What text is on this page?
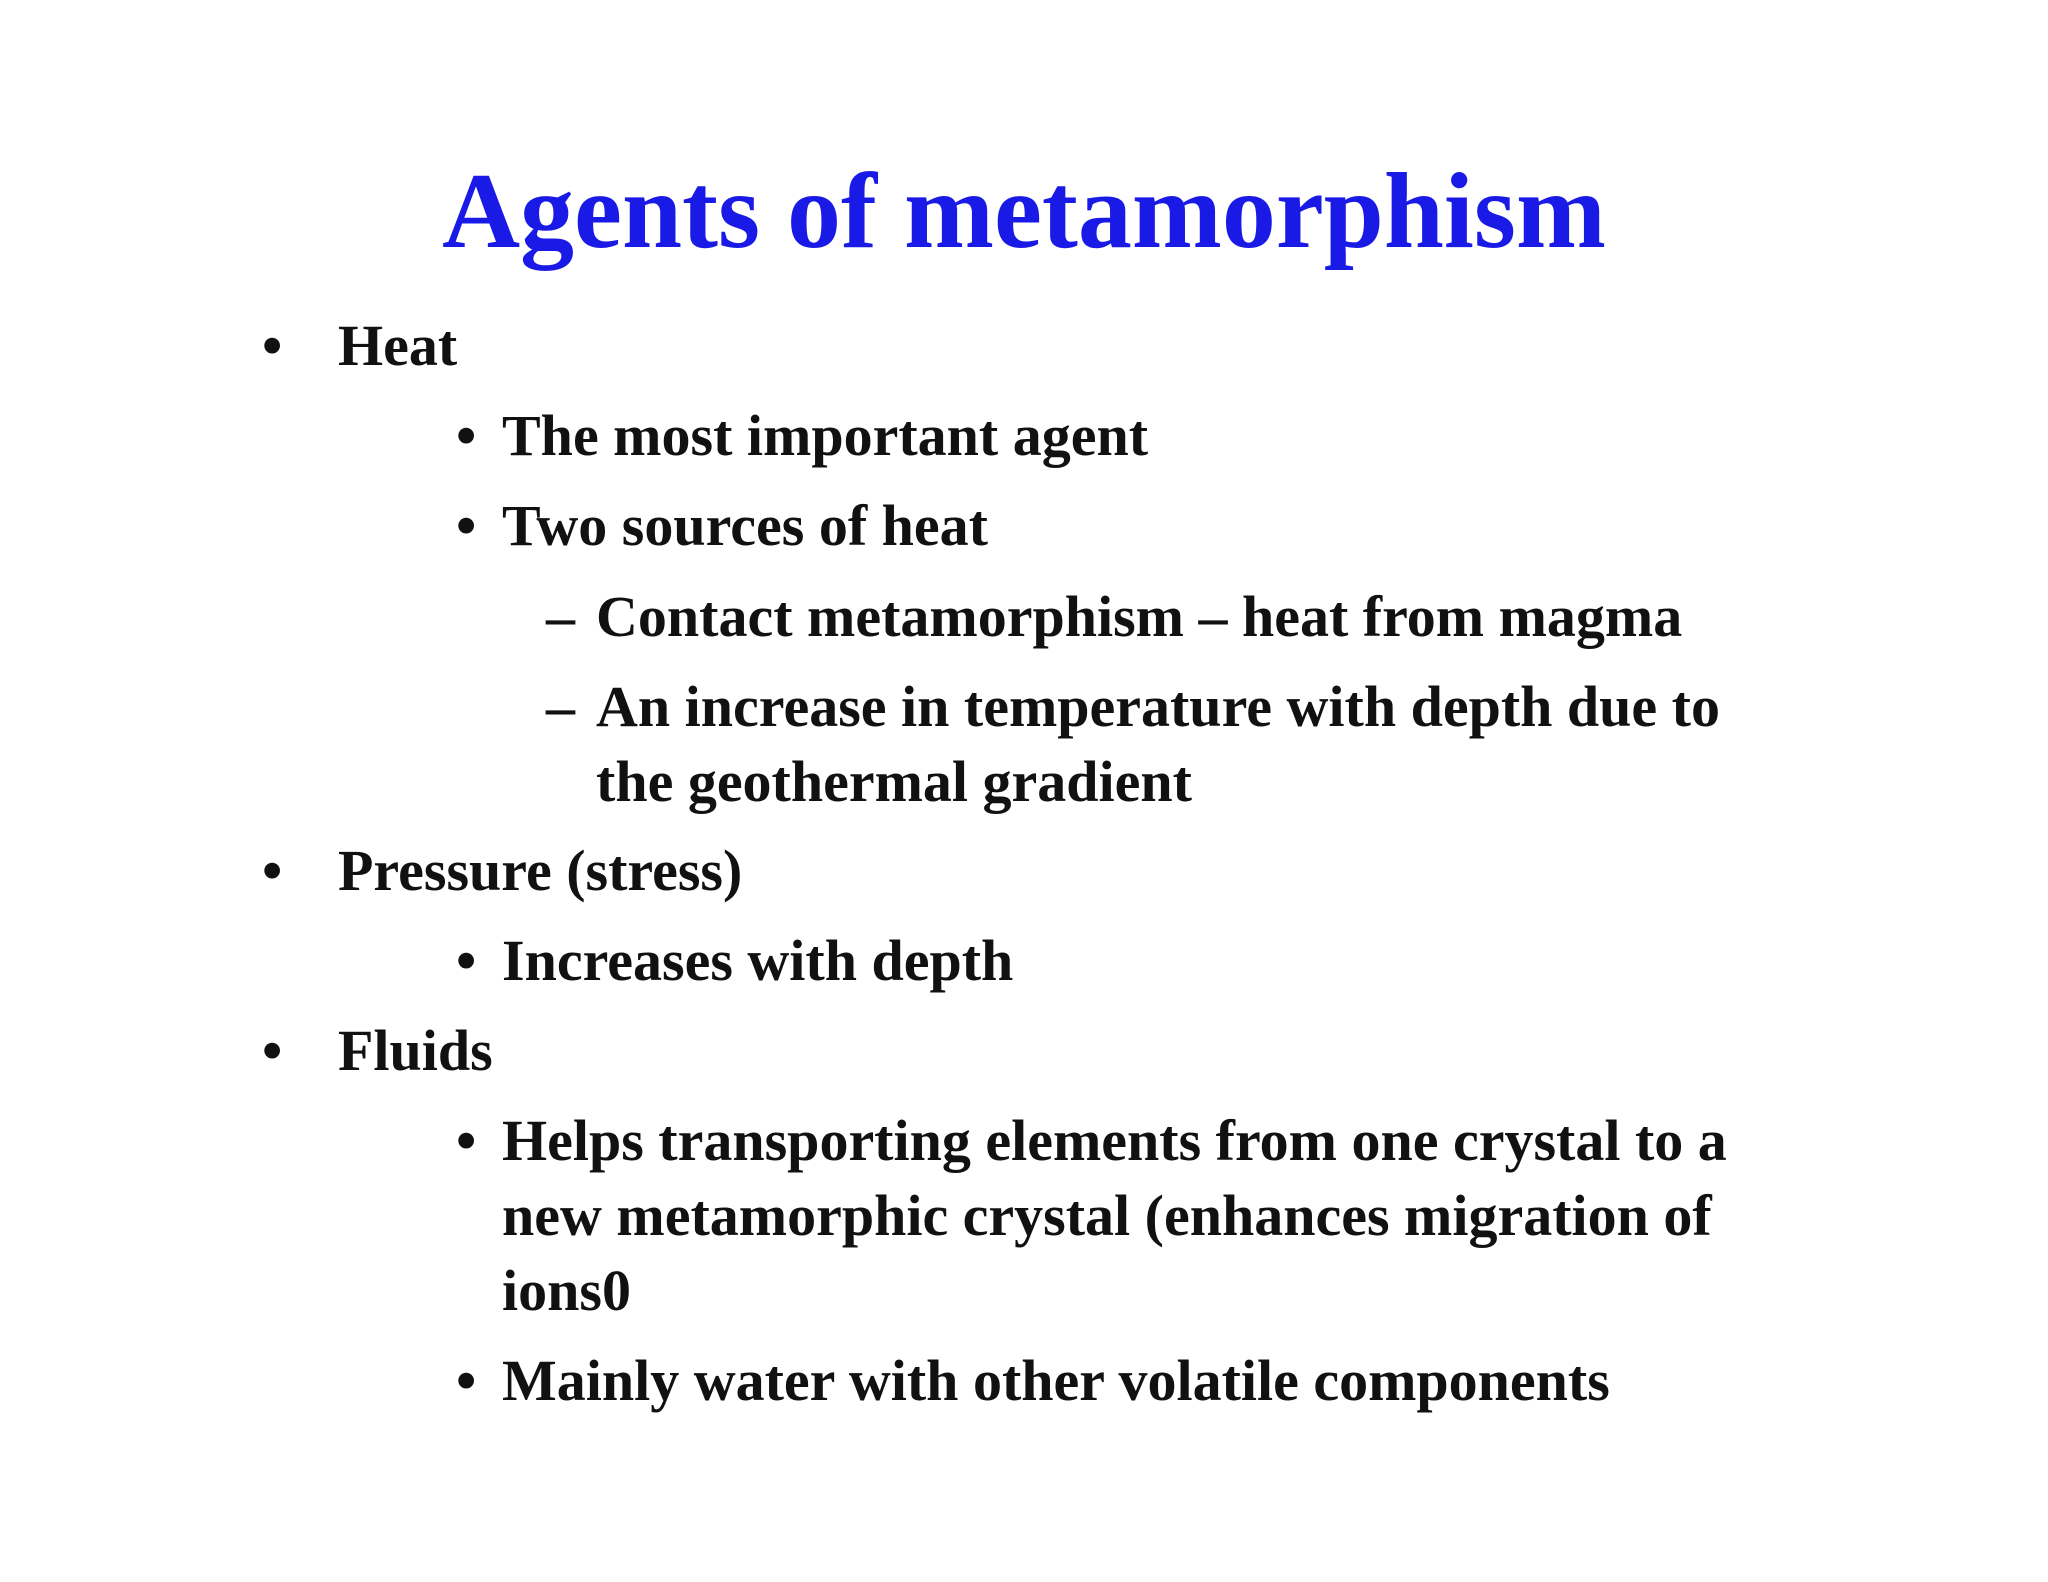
Agents of metamorphism
• Heat
• The most important agent
• Two sources of heat
– Contact metamorphism – heat from magma
– An increase in temperature with depth due to
the geothermal gradient
• Pressure (stress)
• Increases with depth
• Fluids
• Helps transporting elements from one crystal to a
new metamorphic crystal (enhances migration of
ions0
• Mainly water with other volatile components
